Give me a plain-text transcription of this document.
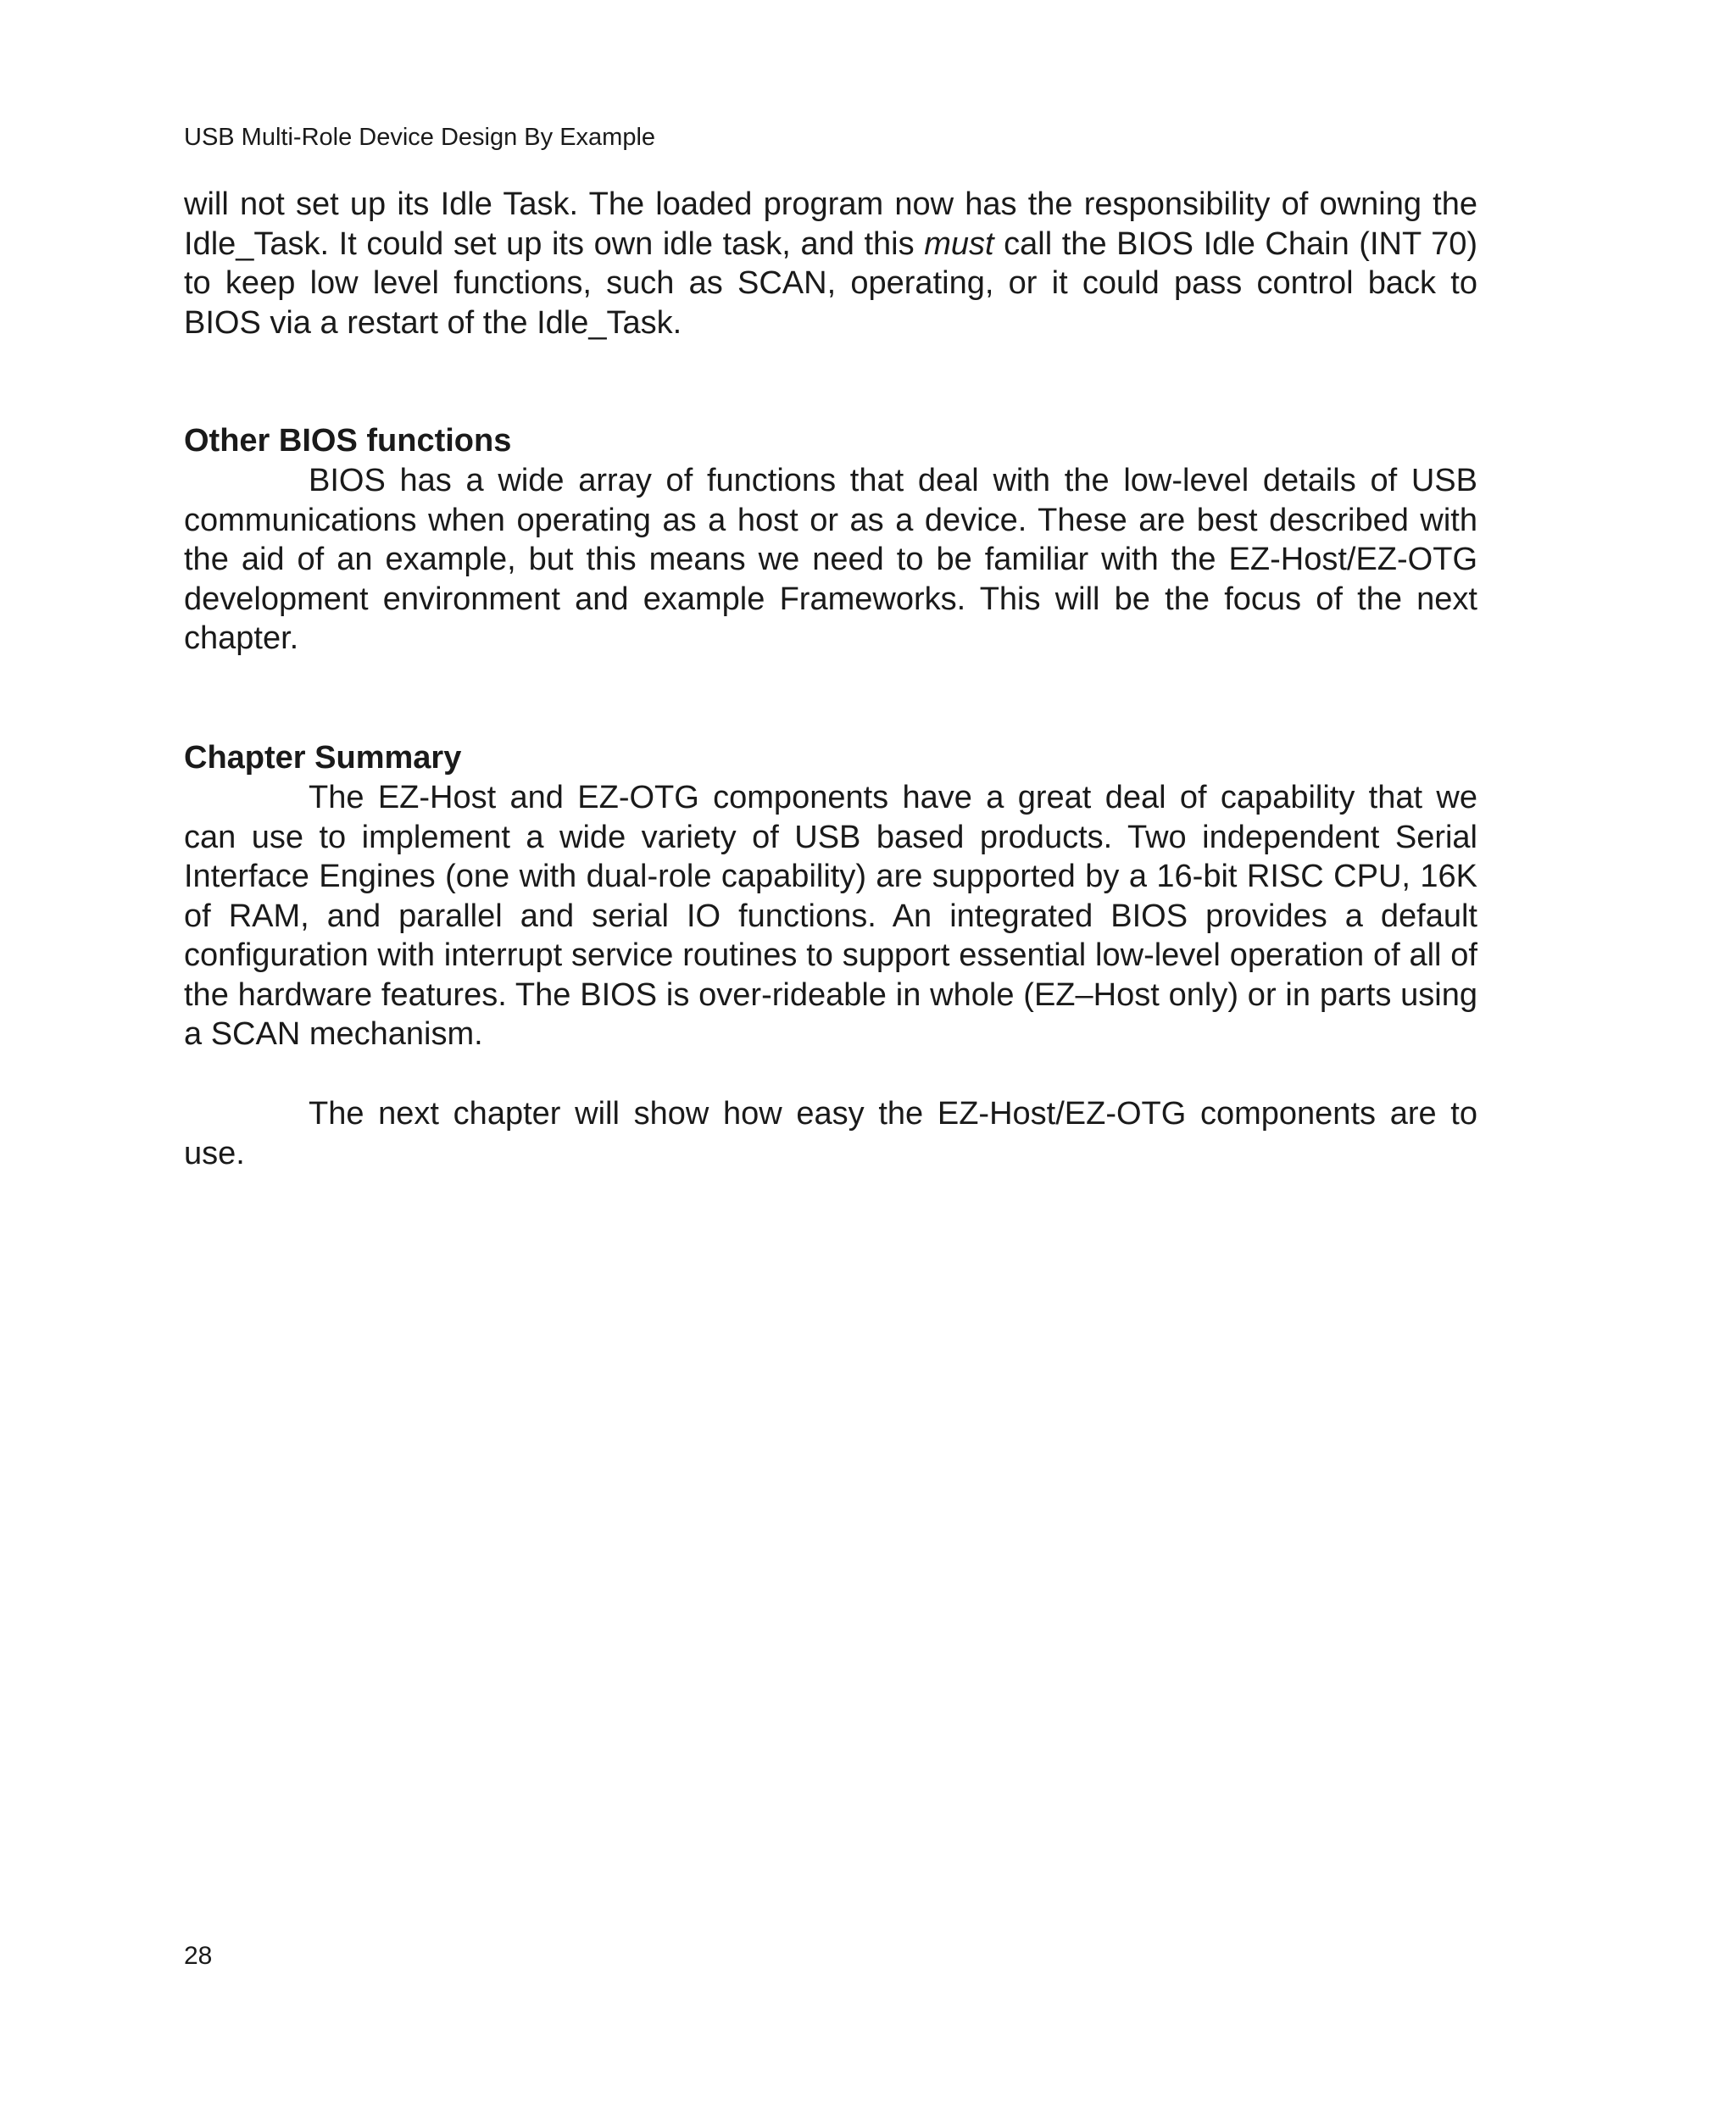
USB Multi-Role Device Design By Example

will not set up its Idle Task. The loaded program now has the responsibility of owning the Idle_Task. It could set up its own idle task, and this must call the BIOS Idle Chain (INT 70) to keep low level functions, such as SCAN, operating, or it could pass control back to BIOS via a restart of the Idle_Task.

Other BIOS functions

BIOS has a wide array of functions that deal with the low-level details of USB communications when operating as a host or as a device. These are best described with the aid of an example, but this means we need to be familiar with the EZ-Host/EZ-OTG development environment and example Frameworks. This will be the focus of the next chapter.

Chapter Summary

The EZ-Host and EZ-OTG components have a great deal of capability that we can use to implement a wide variety of USB based products. Two independent Serial Interface Engines (one with dual-role capability) are supported by a 16-bit RISC CPU, 16K of RAM, and parallel and serial IO functions. An integrated BIOS provides a default configuration with interrupt service routines to support essential low-level operation of all of the hardware features. The BIOS is over-rideable in whole (EZ–Host only) or in parts using a SCAN mechanism.

The next chapter will show how easy the EZ-Host/EZ-OTG components are to use.

28
